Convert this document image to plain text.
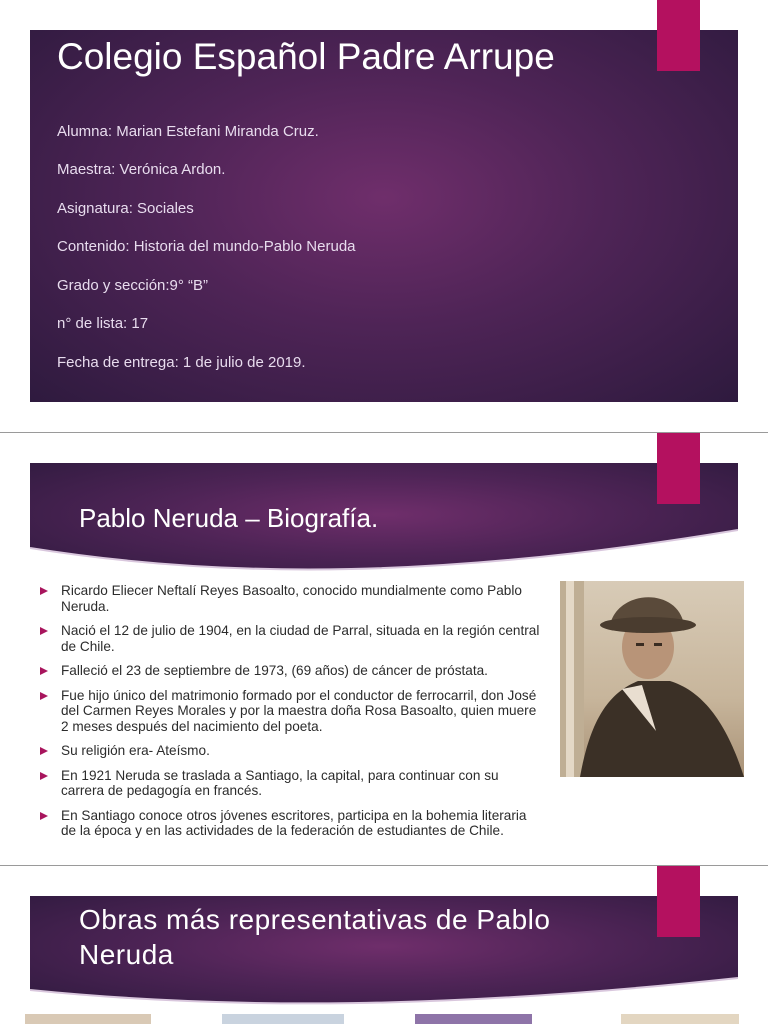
Colegio Español Padre Arrupe
Alumna: Marian Estefani Miranda Cruz.
Maestra: Verónica Ardon.
Asignatura: Sociales
Contenido: Historia del mundo-Pablo Neruda
Grado y sección:9° “B”
n° de lista: 17
Fecha de entrega: 1 de julio de 2019.
Pablo Neruda – Biografía.
Ricardo Eliecer Neftalí Reyes Basoalto, conocido mundialmente como Pablo Neruda.
Nació el 12 de julio de 1904, en la ciudad de Parral, situada en la región central de Chile.
Falleció el 23 de septiembre de 1973, (69 años) de cáncer de próstata.
Fue hijo único del matrimonio formado por el conductor de ferrocarril, don José del Carmen Reyes Morales y por la maestra doña Rosa Basoalto, quien muere 2 meses después del nacimiento del poeta.
Su religión era- Ateísmo.
En 1921 Neruda se traslada a Santiago, la capital, para continuar con su carrera de pedagogía en francés.
En Santiago conoce otros jóvenes escritores, participa en la bohemia literaria de la época y en las actividades de la federación de estudiantes de Chile.
Obras más representativas de Pablo Neruda
